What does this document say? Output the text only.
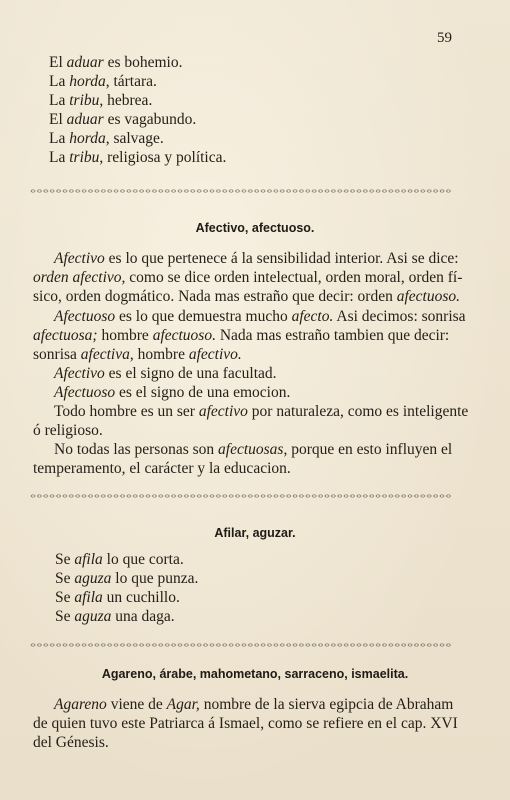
59
El aduar es bohemio.
La horda, tártara.
La tribu, hebrea.
El aduar es vagabundo.
La horda, salvage.
La tribu, religiosa y política.
Afectivo, afectuoso.
Afectivo es lo que pertenece á la sensibilidad interior. Asi se dice:
orden afectivo, como se dice orden intelectual, orden moral, orden fí-
sico, orden dogmático. Nada mas estraño que decir: orden afectuoso.
Afectuoso es lo que demuestra mucho afecto. Asi decimos: sonrisa
afectuosa; hombre afectuoso. Nada mas estraño tambien que decir:
sonrisa afectiva, hombre afectivo.
Afectivo es el signo de una facultad.
Afectuoso es el signo de una emocion.
Todo hombre es un ser afectivo por naturaleza, como es inteligente
ó religioso.
No todas las personas son afectuosas, porque en esto influyen el
temperamento, el carácter y la educacion.
Afilar, aguzar.
Se afila lo que corta.
Se aguza lo que punza.
Se afila un cuchillo.
Se aguza una daga.
Agareno, árabe, mahometano, sarraceno, ismaelita.
Agareno viene de Agar, nombre de la sierva egipcia de Abraham
de quien tuvo este Patriarca á Ismael, como se refiere en el cap. XVI
del Génesis.
